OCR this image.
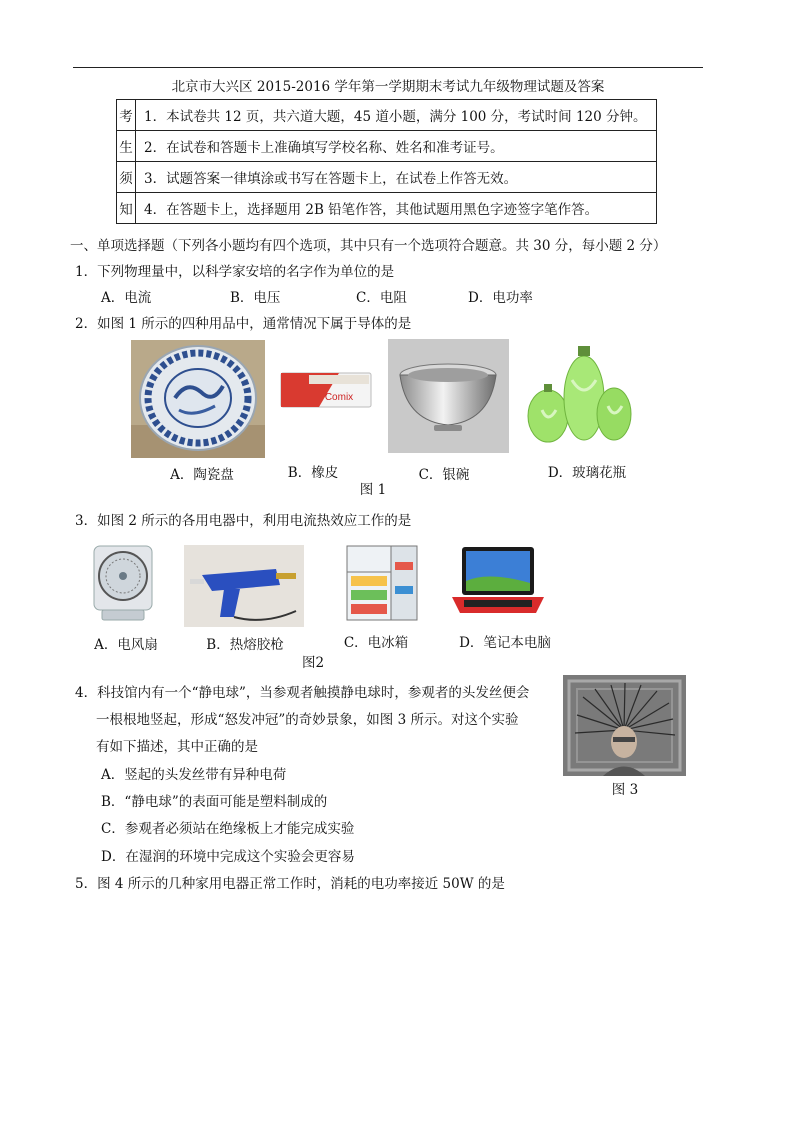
北京市大兴区 2015-2016 学年第一学期期末考试九年级物理试题及答案
考	1．本试卷共 12 页，共六道大题，45 道小题，满分 100 分，考试时间 120 分钟。
生	2．在试卷和答题卡上准确填写学校名称、姓名和准考证号。
须	3．试题答案一律填涂或书写在答题卡上，在试卷上作答无效。
知	4．在答题卡上，选择题用 2B 铅笔作答，其他试题用黑色字迹签字笔作答。
一、单项选择题（下列各小题均有四个选项，其中只有一个选项符合题意。共 30 分，每小题 2 分）
1．下列物理量中，以科学家安培的名字作为单位的是
A．电流	B．电压	C．电阻	D．电功率
2．如图 1 所示的四种用品中，通常情况下属于导体的是
Comix
A．陶瓷盘	B．橡皮	C．银碗	D．玻璃花瓶
图 1
3．如图 2 所示的各用电器中，利用电流热效应工作的是
A．电风扇	B．热熔胶枪	C．电冰箱	D．笔记本电脑
图2
4．科技馆内有一个“静电球”，当参观者触摸静电球时，参观者的头发丝便会
一根根地竖起，形成“怒发冲冠”的奇妙景象，如图 3 所示。对这个实验
有如下描述，其中正确的是
A．竖起的头发丝带有异种电荷
B．“静电球”的表面可能是塑料制成的
C．参观者必须站在绝缘板上才能完成实验
D．在湿润的环境中完成这个实验会更容易
图 3
5．图 4 所示的几种家用电器正常工作时，消耗的电功率接近 50W 的是
